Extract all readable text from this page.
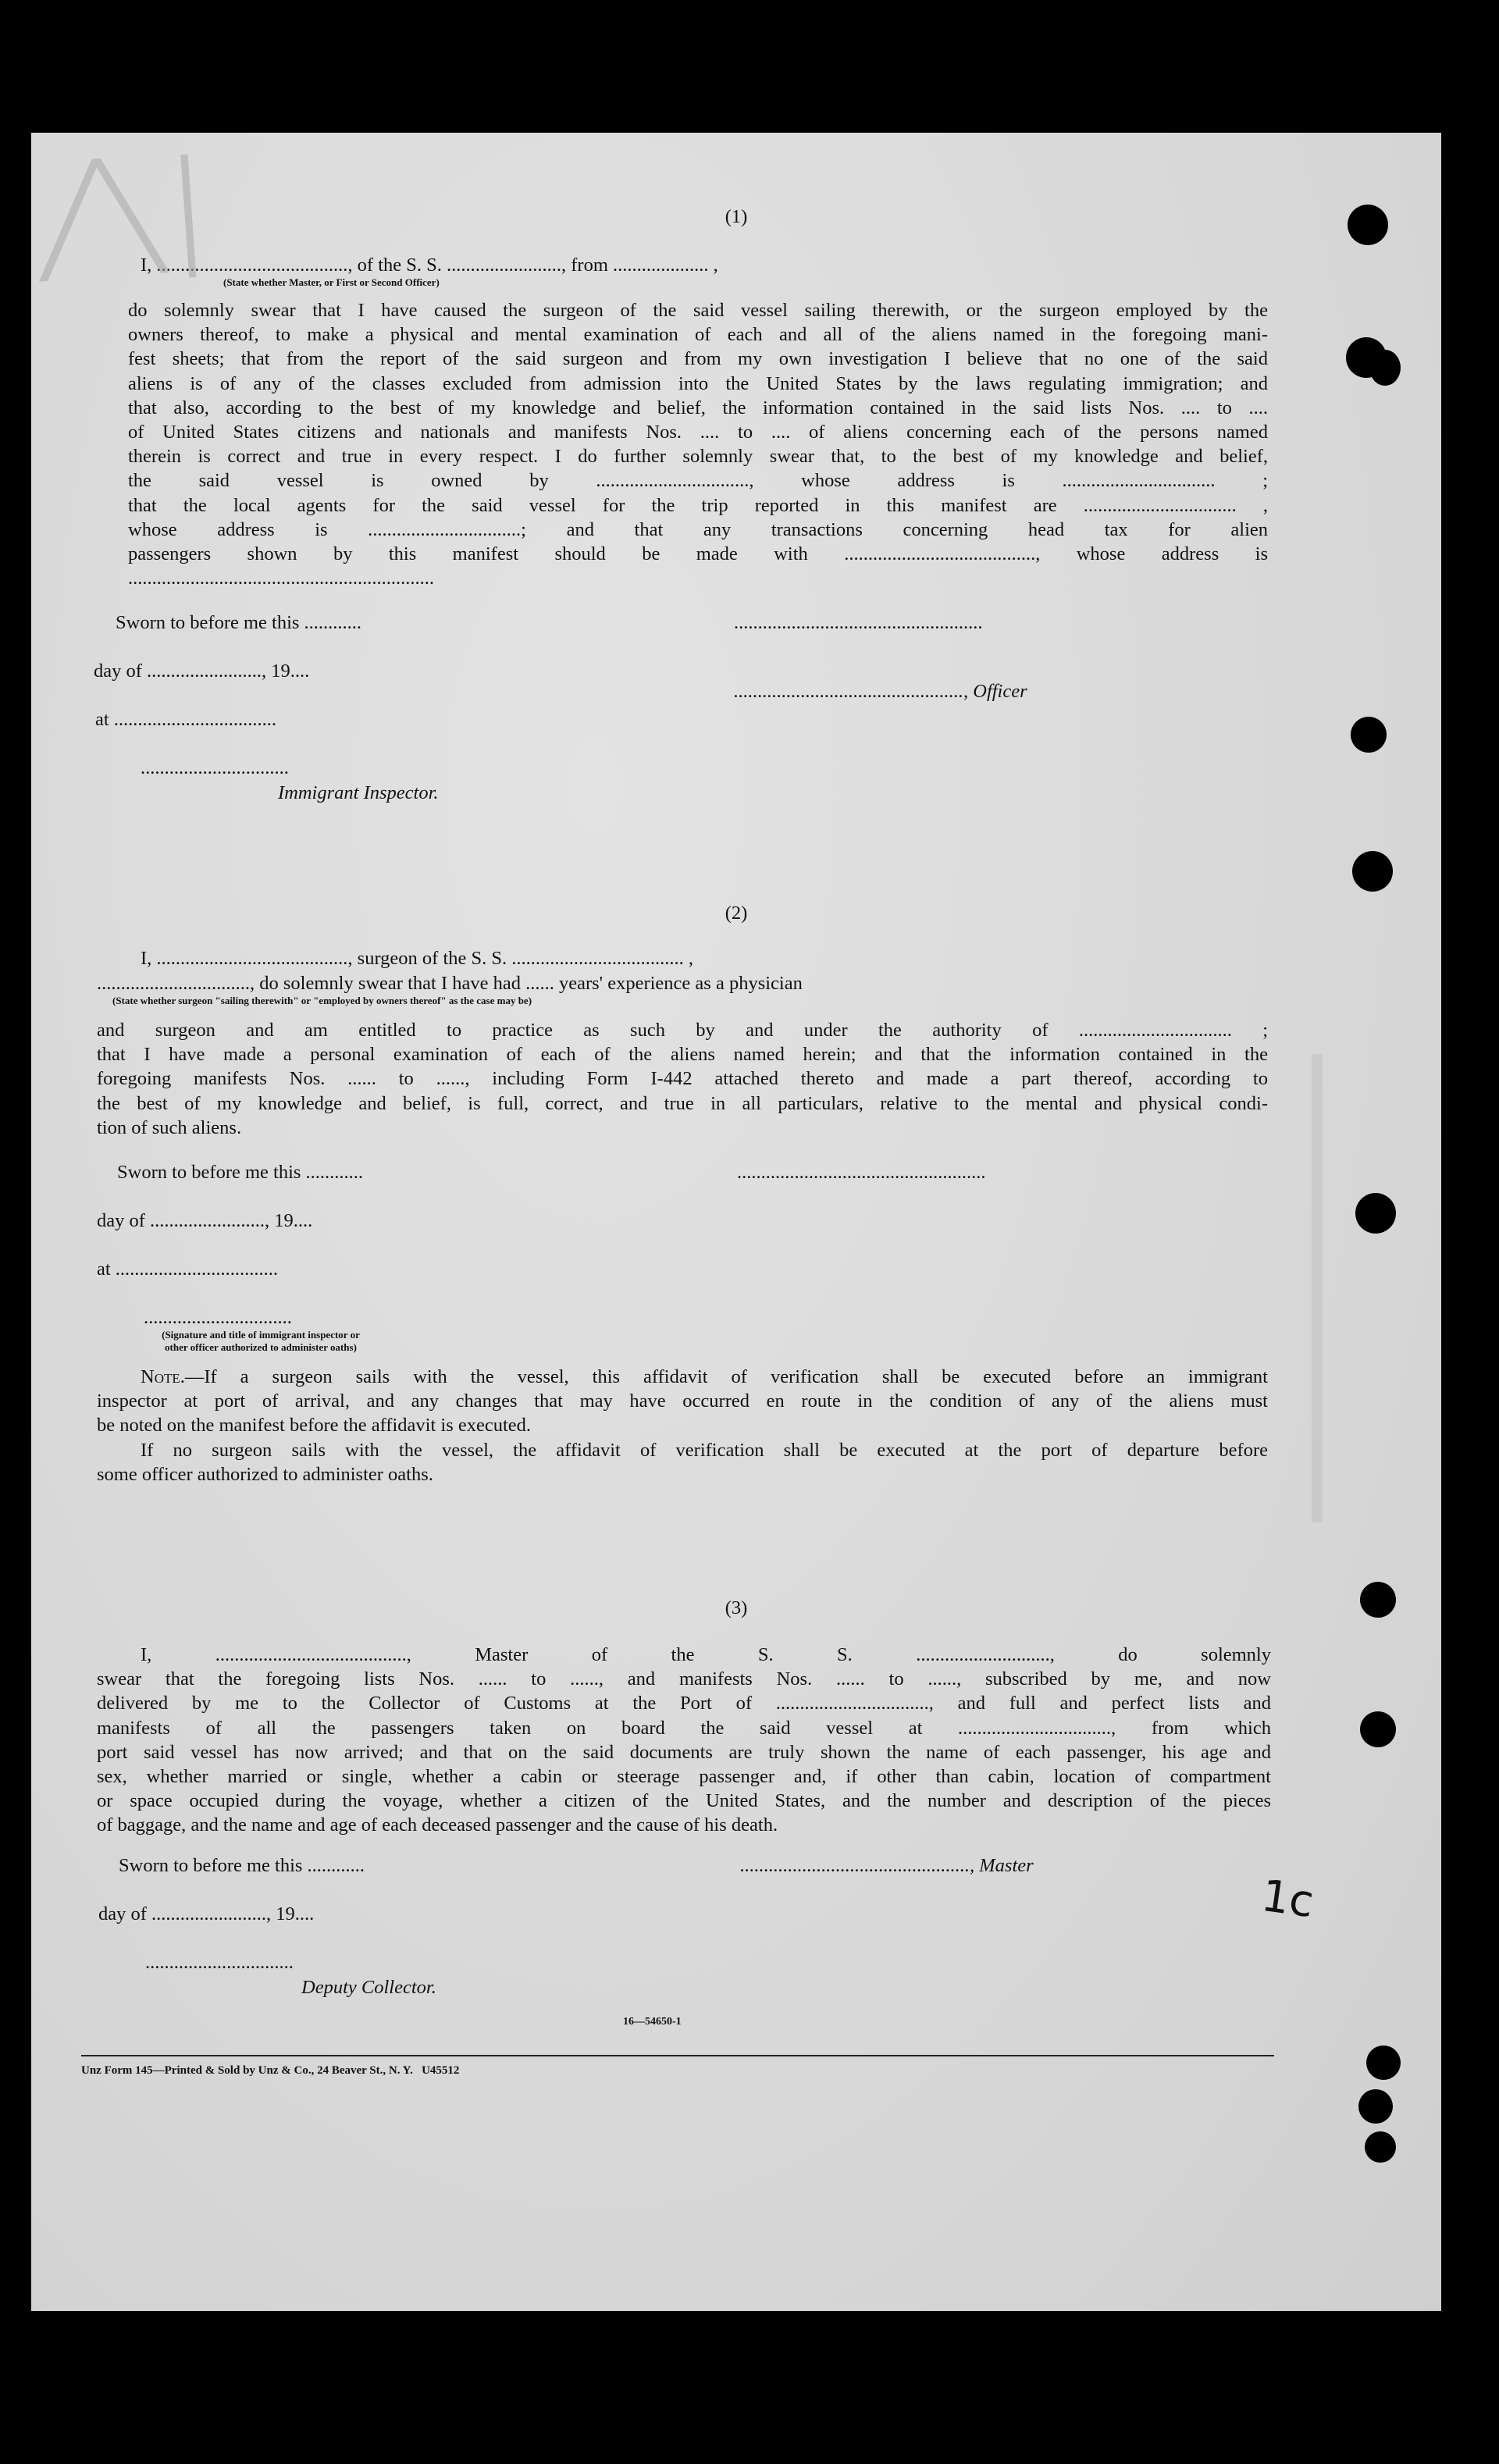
(1)
I, ........................................, of the S. S. ........................, from .................... ,
(State whether Master, or First or Second Officer)
do solemnly swear that I have caused the surgeon of the said vessel sailing therewith, or the surgeon employed by the
owners thereof, to make a physical and mental examination of each and all of the aliens named in the foregoing mani-
fest sheets; that from the report of the said surgeon and from my own investigation I believe that no one of the said
aliens is of any of the classes excluded from admission into the United States by the laws regulating immigration; and
that also, according to the best of my knowledge and belief, the information contained in the said lists Nos. .... to ....
of United States citizens and nationals and manifests Nos. .... to .... of aliens concerning each of the persons named
therein is correct and true in every respect. I do further solemnly swear that, to the best of my knowledge and belief,
the said vessel is owned by ................................, whose address is ................................ ;
that the local agents for the said vessel for the trip reported in this manifest are ................................ ,
whose address is ................................; and that any transactions concerning head tax for alien
passengers shown by this manifest should be made with ........................................, whose address is
................................................................
Sworn to before me this ............	....................................................
day of ........................, 19....
................................................, Officer
at ..................................
...............................
Immigrant Inspector.
(2)
I, ........................................, surgeon of the S. S. .................................... ,
................................, do solemnly swear that I have had ...... years' experience as a physician
(State whether surgeon "sailing therewith" or "employed by owners thereof" as the case may be)
and surgeon and am entitled to practice as such by and under the authority of ................................ ;
that I have made a personal examination of each of the aliens named herein; and that the information contained in the
foregoing manifests Nos. ...... to ......, including Form I-442 attached thereto and made a part thereof, according to
the best of my knowledge and belief, is full, correct, and true in all particulars, relative to the mental and physical condi-
tion of such aliens.
Sworn to before me this ............	....................................................
day of ........................, 19....
at ..................................
...............................
(Signature and title of immigrant inspector or
other officer authorized to administer oaths)
Note.—If a surgeon sails with the vessel, this affidavit of verification shall be executed before an immigrant
inspector at port of arrival, and any changes that may have occurred en route in the condition of any of the aliens must
be noted on the manifest before the affidavit is executed.
If no surgeon sails with the vessel, the affidavit of verification shall be executed at the port of departure before
some officer authorized to administer oaths.
(3)
I, ........................................, Master of the S. S. ............................, do solemnly
swear that the foregoing lists Nos. ...... to ......, and manifests Nos. ...... to ......, subscribed by me, and now
delivered by me to the Collector of Customs at the Port of ................................, and full and perfect lists and
manifests of all the passengers taken on board the said vessel at ................................, from which
port said vessel has now arrived; and that on the said documents are truly shown the name of each passenger, his age and
sex, whether married or single, whether a cabin or steerage passenger and, if other than cabin, location of compartment
or space occupied during the voyage, whether a citizen of the United States, and the number and description of the pieces
of baggage, and the name and age of each deceased passenger and the cause of his death.
Sworn to before me this ............	................................................, Master
day of ........................, 19....
...............................
Deputy Collector.
16—54650-1
1c
Unz Form 145—Printed & Sold by Unz & Co., 24 Beaver St., N. Y.   U45512
╱╲│
